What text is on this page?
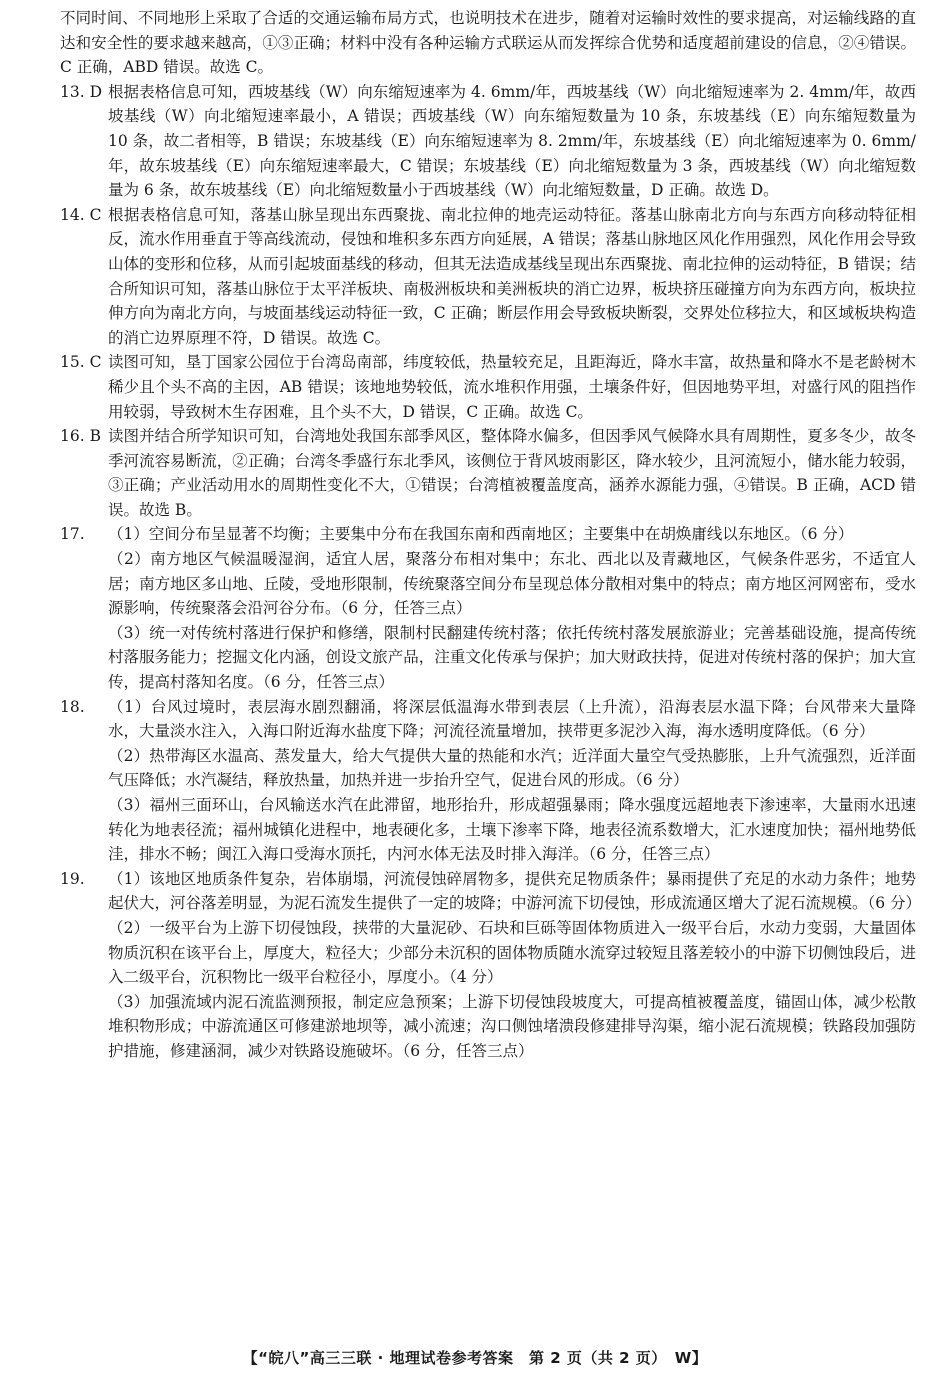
不同时间、不同地形上采取了合适的交通运输布局方式，也说明技术在进步，随着对运输时效性的要求提高，对运输线路的直达和安全性的要求越来越高，①③正确；材料中没有各种运输方式联运从而发挥综合优势和适度超前建设的信息，②④错误。C 正确，ABD 错误。故选 C。

13. D 根据表格信息可知，西坡基线（W）向东缩短速率为 4. 6mm/年，西坡基线（W）向北缩短速率为 2. 4mm/年，故西坡基线（W）向北缩短速率最小，A 错误；西坡基线（W）向东缩短数量为 10 条，东坡基线（E）向东缩短数量为 10 条，故二者相等，B 错误；东坡基线（E）向东缩短速率为 8. 2mm/年，东坡基线（E）向北缩短速率为 0. 6mm/年，故东坡基线（E）向东缩短速率最大，C 错误；东坡基线（E）向北缩短数量为 3 条，西坡基线（W）向北缩短数量为 6 条，故东坡基线（E）向北缩短数量小于西坡基线（W）向北缩短数量，D 正确。故选 D。
14. C 根据表格信息可知，落基山脉呈现出东西聚拢、南北拉伸的地壳运动特征。落基山脉南北方向与东西方向移动特征相反，流水作用垂直于等高线流动，侵蚀和堆积多东西方向延展，A 错误；落基山脉地区风化作用强烈，风化作用会导致山体的变形和位移，从而引起坡面基线的移动，但其无法造成基线呈现出东西聚拢、南北拉伸的运动特征，B 错误；结合所知识可知，落基山脉位于太平洋板块、南极洲板块和美洲板块的消亡边界，板块挤压碰撞方向为东西方向，板块拉伸方向为南北方向，与坡面基线运动特征一致，C 正确；断层作用会导致板块断裂，交界处位移拉大，和区域板块构造的消亡边界原理不符，D 错误。故选 C。
15. C 读图可知，垦丁国家公园位于台湾岛南部，纬度较低，热量较充足，且距海近，降水丰富，故热量和降水不是老龄树木稀少且个头不高的主因，AB 错误；该地地势较低，流水堆积作用强，土壤条件好，但因地势平坦，对盛行风的阻挡作用较弱，导致树木生存困难，且个头不大，D 错误，C 正确。故选 C。
16. B 读图并结合所学知识可知，台湾地处我国东部季风区，整体降水偏多，但因季风气候降水具有周期性，夏多冬少，故冬季河流容易断流，②正确；台湾冬季盛行东北季风，该侧位于背风坡雨影区，降水较少，且河流短小，储水能力较弱，③正确；产业活动用水的周期性变化不大，①错误；台湾植被覆盖度高，涵养水源能力强，④错误。B 正确，ACD 错误。故选 B。
17.	（1）空间分布呈显著不均衡；主要集中分布在我国东南和西南地区；主要集中在胡焕庸线以东地区。（6 分）

（2）南方地区气候温暖湿润，适宜人居，聚落分布相对集中；东北、西北以及青藏地区，气候条件恶劣，不适宜人居；南方地区多山地、丘陵，受地形限制，传统聚落空间分布呈现总体分散相对集中的特点；南方地区河网密布，受水源影响，传统聚落会沿河谷分布。（6 分，任答三点）

（3）统一对传统村落进行保护和修缮，限制村民翻建传统村落；依托传统村落发展旅游业；完善基础设施，提高传统村落服务能力；挖掘文化内涵，创设文旅产品，注重文化传承与保护；加大财政扶持，促进对传统村落的保护；加大宣传，提高村落知名度。（6 分，任答三点）

18.	（1）台风过境时，表层海水剧烈翻涌，将深层低温海水带到表层（上升流），沿海表层水温下降；台风带来大量降水，大量淡水注入，入海口附近海水盐度下降；河流径流量增加，挟带更多泥沙入海，海水透明度降低。（6 分）

（2）热带海区水温高、蒸发量大，给大气提供大量的热能和水汽；近洋面大量空气受热膨胀，上升气流强烈，近洋面气压降低；水汽凝结，释放热量，加热并进一步抬升空气，促进台风的形成。（6 分）

（3）福州三面环山，台风输送水汽在此滞留，地形抬升，形成超强暴雨；降水强度远超地表下渗速率，大量雨水迅速转化为地表径流；福州城镇化进程中，地表硬化多，土壤下渗率下降，地表径流系数增大，汇水速度加快；福州地势低洼，排水不畅；闽江入海口受海水顶托，内河水体无法及时排入海洋。（6 分，任答三点）

19.	（1）该地区地质条件复杂，岩体崩塌，河流侵蚀碎屑物多，提供充足物质条件；暴雨提供了充足的水动力条件；地势起伏大，河谷落差明显，为泥石流发生提供了一定的坡降；中游河流下切侵蚀，形成流通区增大了泥石流规模。（6 分）

（2）一级平台为上游下切侵蚀段，挟带的大量泥砂、石块和巨砾等固体物质进入一级平台后，水动力变弱，大量固体物质沉积在该平台上，厚度大，粒径大；少部分未沉积的固体物质随水流穿过较短且落差较小的中游下切侧蚀段后，进入二级平台，沉积物比一级平台粒径小，厚度小。（4 分）

（3）加强流域内泥石流监测预报，制定应急预案；上游下切侵蚀段坡度大，可提高植被覆盖度，锚固山体，减少松散堆积物形成；中游流通区可修建淤地坝等，减小流速；沟口侧蚀堵溃段修建排导沟渠，缩小泥石流规模；铁路段加强防护措施，修建涵洞，减少对铁路设施破坏。（6 分，任答三点）

【“皖八”高三三联 · 地理试卷参考答案　第 2 页（共 2 页）　W】
